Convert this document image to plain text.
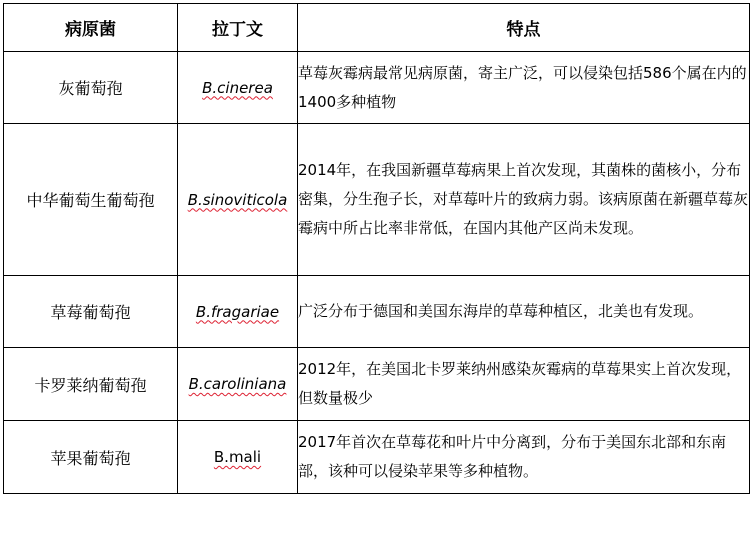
病原菌	拉丁文	特点
灰葡萄孢	B.cinerea	草莓灰霉病最常见病原菌，寄主广泛，可以侵染包括586个属在内的1400多种植物
中华葡萄生葡萄孢	B.sinoviticola	2014年，在我国新疆草莓病果上首次发现，其菌株的菌核小，分布密集，分生孢子长，对草莓叶片的致病力弱。该病原菌在新疆草莓灰霉病中所占比率非常低，在国内其他产区尚未发现。
草莓葡萄孢	B.fragariae	广泛分布于德国和美国东海岸的草莓种植区，北美也有发现。
卡罗莱纳葡萄孢	B.caroliniana	2012年，在美国北卡罗莱纳州感染灰霉病的草莓果实上首次发现，但数量极少
苹果葡萄孢	B.mali	2017年首次在草莓花和叶片中分离到，分布于美国东北部和东南部，该种可以侵染苹果等多种植物。
